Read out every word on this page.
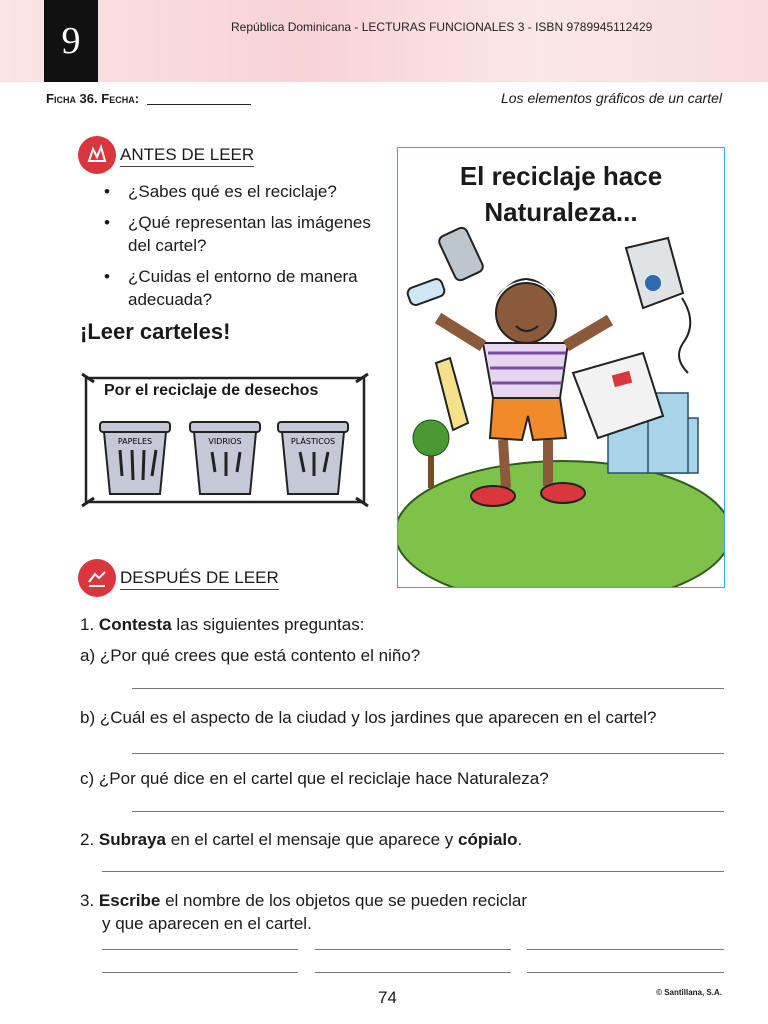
9	República Dominicana - LECTURAS FUNCIONALES 3 - ISBN 9789945112429
Ficha 36. Fecha:	Los elementos gráficos de un cartel
ANTES DE LEER
• ¿Sabes qué es el reciclaje?
• ¿Qué representan las imágenes del cartel?
• ¿Cuidas el entorno de manera adecuada?
¡Leer carteles!
PAPELES	VIDRIOS	PLÁSTICOS
Por el reciclaje de desechos
El reciclaje hace
Naturaleza...
DESPUÉS DE LEER
1. Contesta las siguientes preguntas:
a) ¿Por qué crees que está contento el niño?
b) ¿Cuál es el aspecto de la ciudad y los jardines que aparecen en el cartel?
c) ¿Por qué dice en el cartel que el reciclaje hace Naturaleza?
2. Subraya en el cartel el mensaje que aparece y cópialo.
3. Escribe el nombre de los objetos que se pueden reciclar
y que aparecen en el cartel.
74	© Santillana, S.A.
